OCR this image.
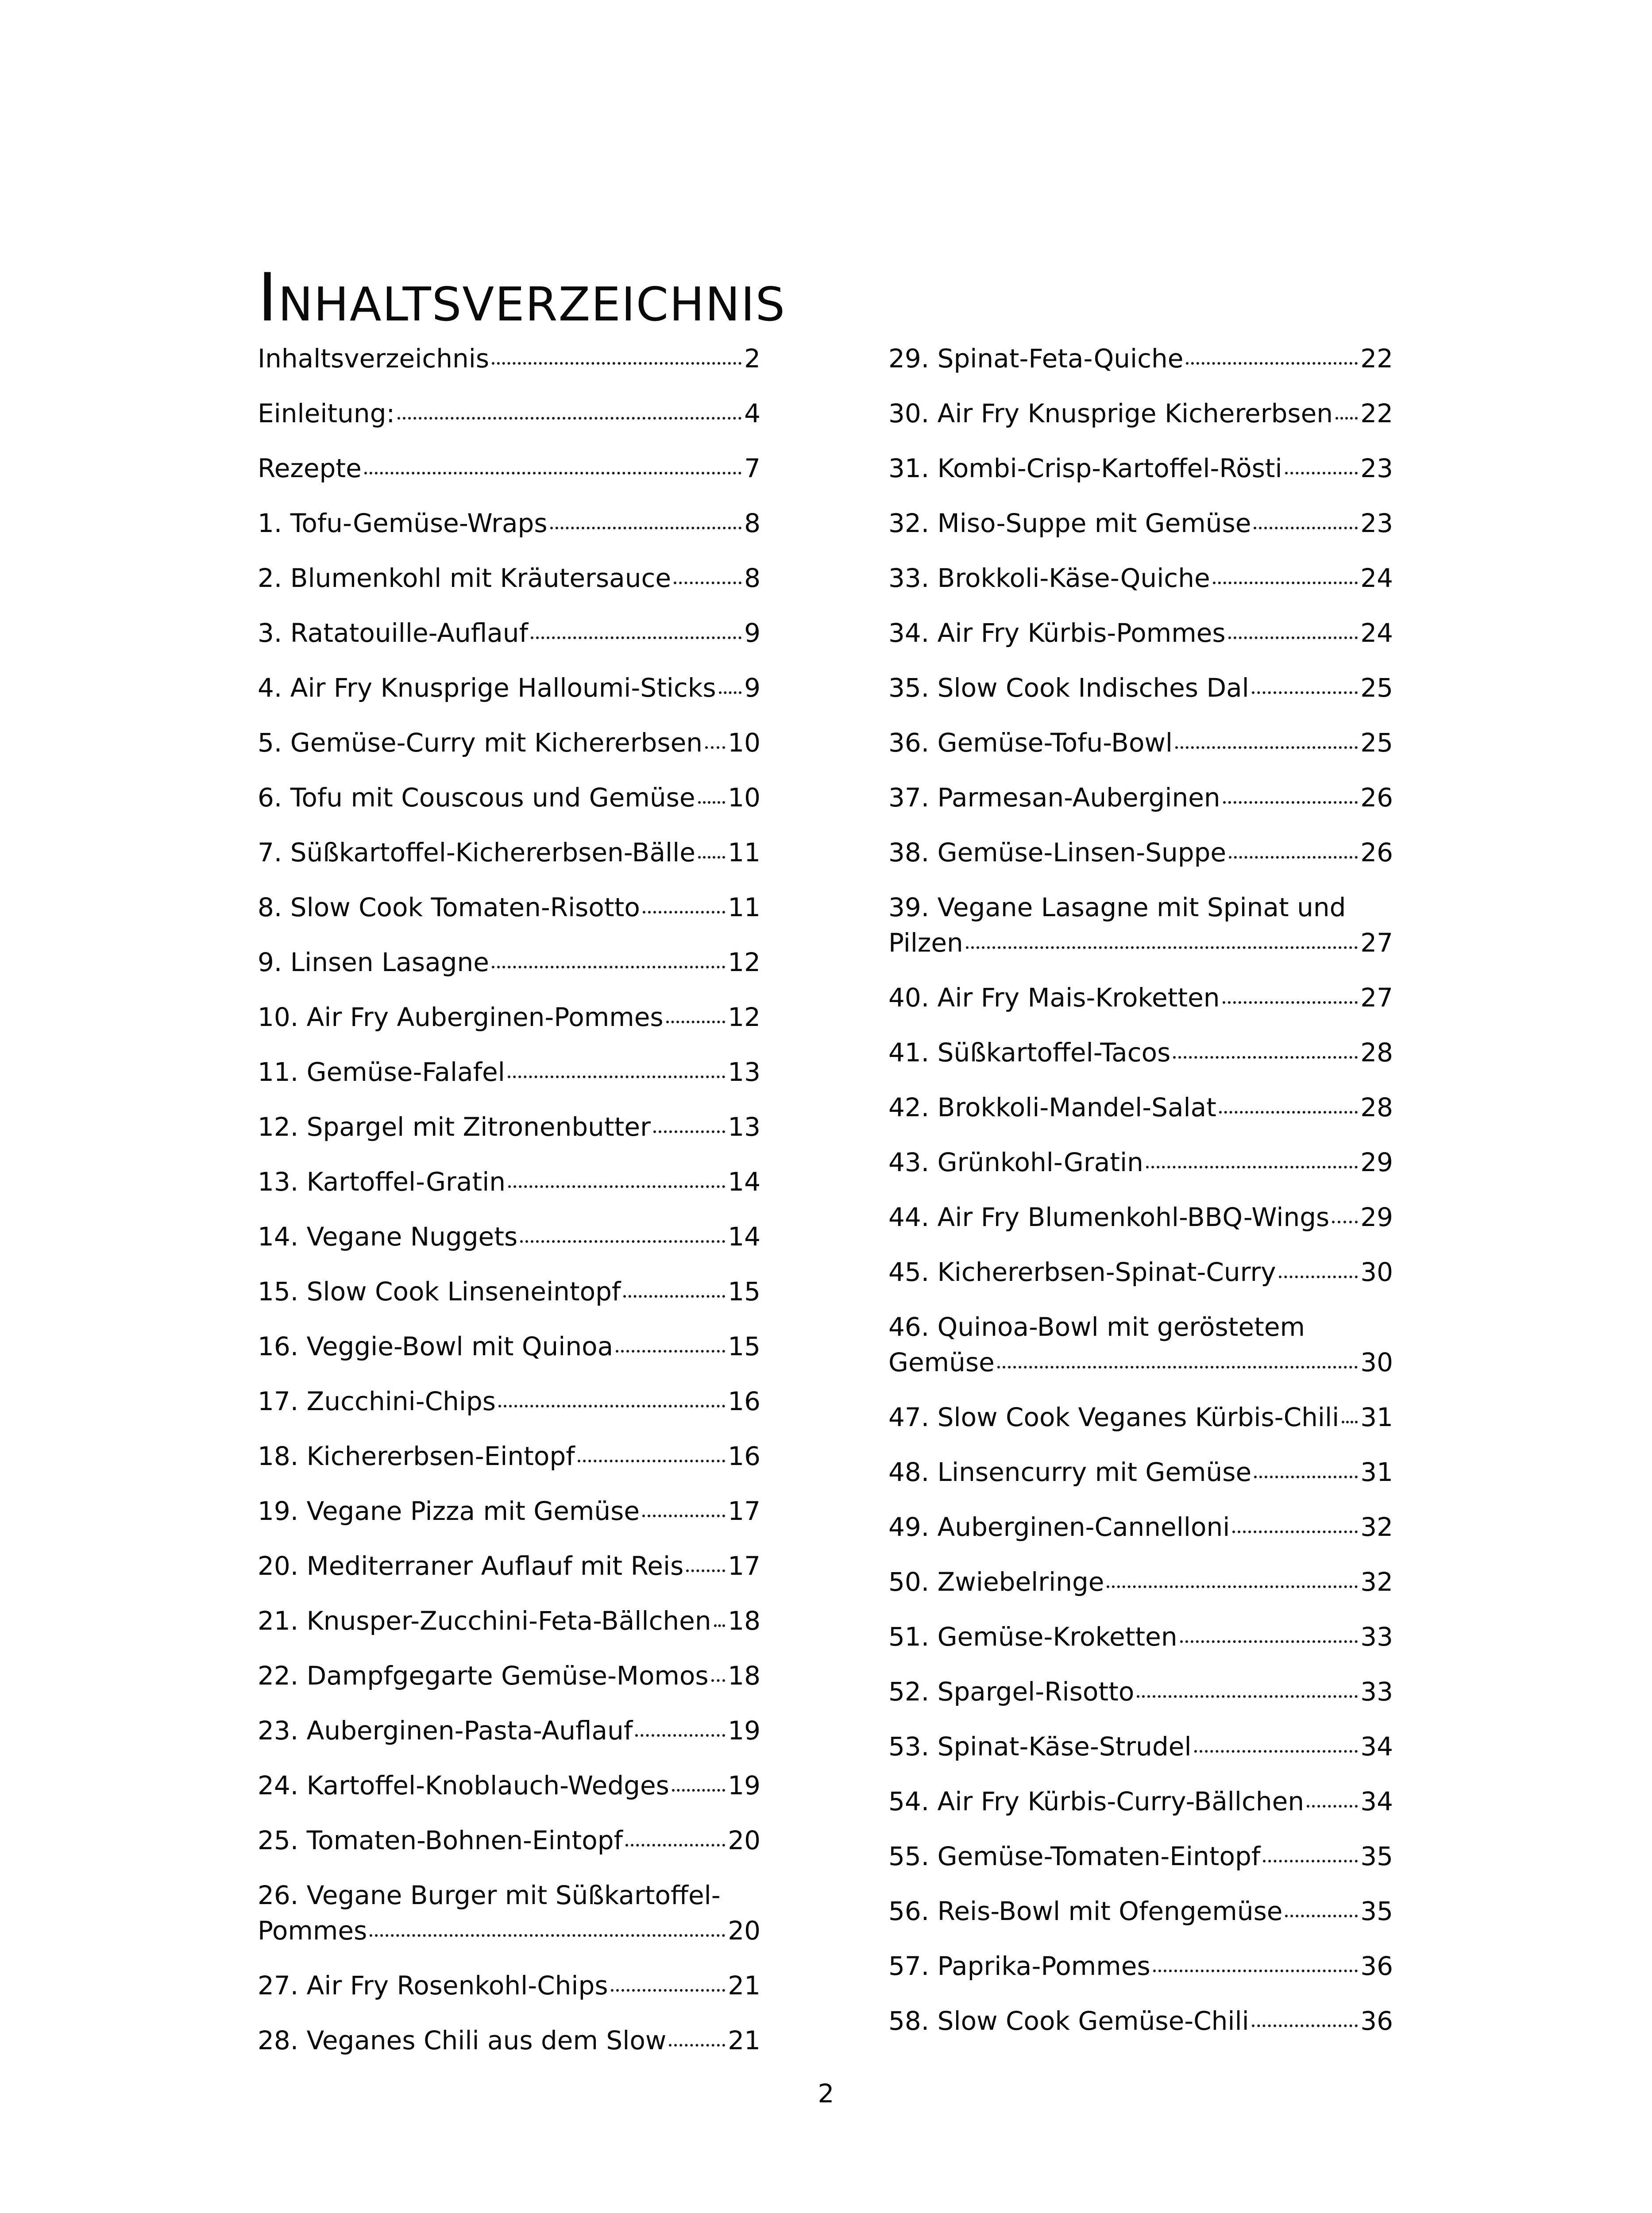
Inhaltsverzeichnis
Inhaltsverzeichnis	2
Einleitung:	4
Rezepte	7
1. Tofu-Gemüse-Wraps	8
2. Blumenkohl mit Kräutersauce	8
3. Ratatouille-Auflauf	9
4. Air Fry Knusprige Halloumi-Sticks 9
5. Gemüse-Curry mit Kichererbsen 10
6. Tofu mit Couscous und Gemüse 10
7. Süßkartoffel-Kichererbsen-Bälle 11
8. Slow Cook Tomaten-Risotto	11
9. Linsen Lasagne	12
10. Air Fry Auberginen-Pommes	12
11. Gemüse-Falafel	13
12. Spargel mit Zitronenbutter	13
13. Kartoffel-Gratin	14
14. Vegane Nuggets	14
15. Slow Cook Linseneintopf	15
16. Veggie-Bowl mit Quinoa	15
17. Zucchini-Chips	16
18. Kichererbsen-Eintopf	16
19. Vegane Pizza mit Gemüse	17
20. Mediterraner Auflauf mit Reis 17
21. Knusper-Zucchini-Feta-Bällchen 18
22. Dampfgegarte Gemüse-Momos 18
23. Auberginen-Pasta-Auflauf	19
24. Kartoffel-Knoblauch-Wedges 19
25. Tomaten-Bohnen-Eintopf	20
26. Vegane Burger mit Süßkartoffel-
Pommes	20
27. Air Fry Rosenkohl-Chips	21
28. Veganes Chili aus dem Slow 21
29. Spinat-Feta-Quiche	22
30. Air Fry Knusprige Kichererbsen 22
31. Kombi-Crisp-Kartoffel-Rösti	23
32. Miso-Suppe mit Gemüse	23
33. Brokkoli-Käse-Quiche	24
34. Air Fry Kürbis-Pommes	24
35. Slow Cook Indisches Dal	25
36. Gemüse-Tofu-Bowl	25
37. Parmesan-Auberginen	26
38. Gemüse-Linsen-Suppe	26
39. Vegane Lasagne mit Spinat und
Pilzen	27
40. Air Fry Mais-Kroketten	27
41. Süßkartoffel-Tacos	28
42. Brokkoli-Mandel-Salat	28
43. Grünkohl-Gratin	29
44. Air Fry Blumenkohl-BBQ-Wings 29
45. Kichererbsen-Spinat-Curry	30
46. Quinoa-Bowl mit geröstetem
Gemüse	30
47. Slow Cook Veganes Kürbis-Chili 31
48. Linsencurry mit Gemüse	31
49. Auberginen-Cannelloni	32
50. Zwiebelringe	32
51. Gemüse-Kroketten	33
52. Spargel-Risotto	33
53. Spinat-Käse-Strudel	34
54. Air Fry Kürbis-Curry-Bällchen 34
55. Gemüse-Tomaten-Eintopf	35
56. Reis-Bowl mit Ofengemüse	35
57. Paprika-Pommes	36
58. Slow Cook Gemüse-Chili	36
2
